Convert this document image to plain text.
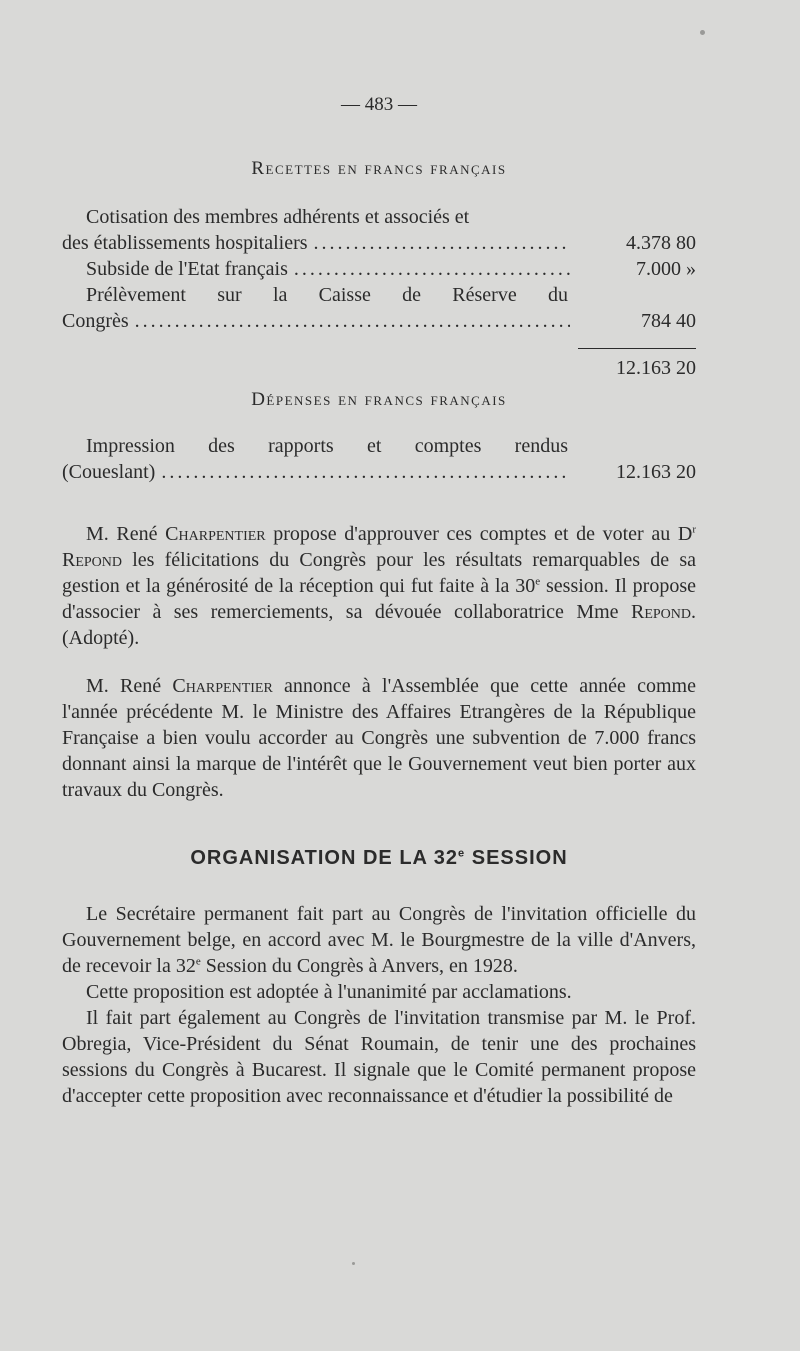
— 483 —
Recettes en francs français
Cotisation des membres adhérents et associés et
des établissements hospitaliers .....	4.378 80
Subside de l'Etat français .....	7.000 »
Prélèvement sur la Caisse de Réserve du
Congrès .....	784 40
12.163 20
Dépenses en francs français
Impression des rapports et comptes rendus
(Coueslant) .....	12.163 20

M. René Charpentier propose d'approuver ces comptes et de voter au $D^r$ Repond les félicitations du Congrès pour les résultats remarquables de sa gestion et la générosité de la réception qui fut faite à la 30e session. Il propose d'associer à ses remerciements, sa dévouée collaboratrice Mme Repond. (Adopté).

M. René Charpentier annonce à l'Assemblée que cette année comme l'année précédente M. le Ministre des Affaires Etrangères de la République Française a bien voulu accorder au Congrès une subvention de 7.000 francs donnant ainsi la marque de l'intérêt que le Gouvernement veut bien porter aux travaux du Congrès.

ORGANISATION DE LA 32e SESSION

Le Secrétaire permanent fait part au Congrès de l'invitation officielle du Gouvernement belge, en accord avec M. le Bourgmestre de la ville d'Anvers, de recevoir la 32e Session du Congrès à Anvers, en 1928.

Cette proposition est adoptée à l'unanimité par acclamations.

Il fait part également au Congrès de l'invitation transmise par M. le Prof. Obregia, Vice-Président du Sénat Roumain, de tenir une des prochaines sessions du Congrès à Bucarest. Il signale que le Comité permanent propose d'accepter cette proposition avec reconnaissance et d'étudier la possibilité de
